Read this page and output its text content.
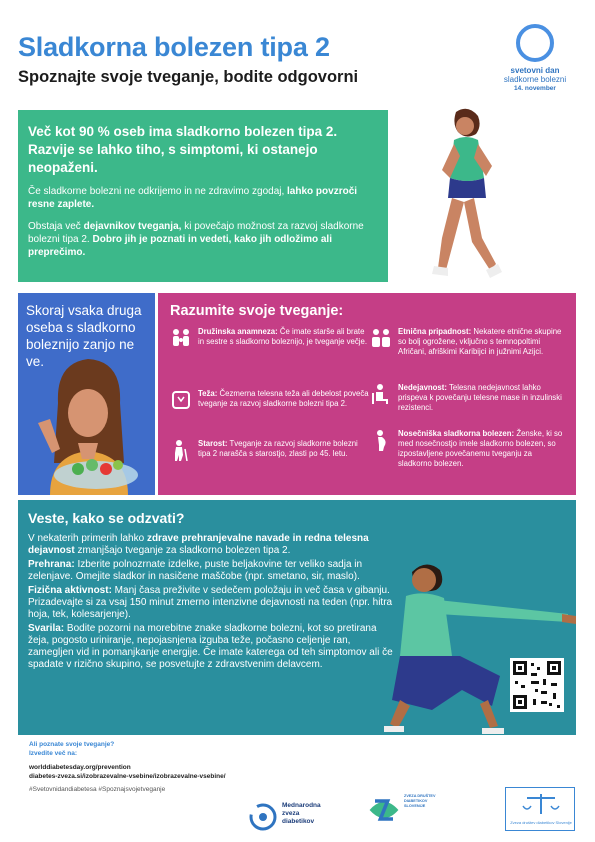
Sladkorna bolezen tipa 2
Spoznajte svoje tveganje, bodite odgovorni	svetovni dan
sladkorne bolezni
14. november
Več kot 90 % oseb ima sladkorno bolezen tipa 2. Razvije se lahko tiho, s simptomi, ki ostanejo neopaženi.

Če sladkorne bolezni ne odkrijemo in ne zdravimo zgodaj, lahko povzroči resne zaplete.

Obstaja več dejavnikov tveganja, ki povečajo možnost za razvoj sladkorne bolezni tipa 2. Dobro jih je poznati in vedeti, kako jih odložimo ali preprečimo.

Skoraj vsaka druga oseba s sladkorno boleznijo zanjo ne ve.
Razumite svoje tveganje:
Družinska anamneza: Če imate starše ali brate in sestre s sladkorno boleznijo, je tveganje večje.
Teža: Čezmerna telesna teža ali debelost poveča tveganje za razvoj sladkorne bolezni tipa 2.
Starost: Tveganje za razvoj sladkorne bolezni tipa 2 narašča s starostjo, zlasti po 45. letu.
Etnična pripadnost: Nekatere etnične skupine so bolj ogrožene, vključno s temnopoltimi Afričani, afriškimi Karibijci in južnimi Azijci.
Nedejavnost: Telesna nedejavnost lahko prispeva k povečanju telesne mase in inzulinski rezistenci.
Nosečniška sladkorna bolezen: Ženske, ki so med nosečnostjo imele sladkorno bolezen, so izpostavljene povečanemu tveganju za sladkorno bolezen.
Veste, kako se odzvati?

V nekaterih primerih lahko zdrave prehranjevalne navade in redna telesna dejavnost zmanjšajo tveganje za sladkorno bolezen tipa 2.

Prehrana: Izberite polnozrnate izdelke, puste beljakovine ter veliko sadja in zelenjave. Omejite sladkor in nasičene maščobe (npr. smetano, sir, maslo).

Fizična aktivnost: Manj časa preživite v sedečem položaju in več časa v gibanju. Prizadevajte si za vsaj 150 minut zmerno intenzivne dejavnosti na teden (npr. hitra hoja, tek, kolesarjenje).

Svarila: Bodite pozorni na morebitne znake sladkorne bolezni, kot so pretirana žeja, pogosto uriniranje, nepojasnjena izguba teže, počasno celjenje ran, zamegljen vid in pomanjkanje energije. Če imate katerega od teh simptomov ali če spadate v rizično skupino, se posvetujte z zdravstvenim delavcem.

Ali poznate svoje tveganje?
Izvedite več na:
worlddiabetesday.org/prevention
diabetes-zveza.si/izobrazevalne-vsebine/izobrazevalne-vsebine/
#Svetovnidandiabetesa #Spoznajsvojetveganje
Mednarodna
zveza
diabetikov
ZVEZA DRUŠTEV DIABETIKOV SLOVENIJE
Zveza društev diabetikov Slovenije
